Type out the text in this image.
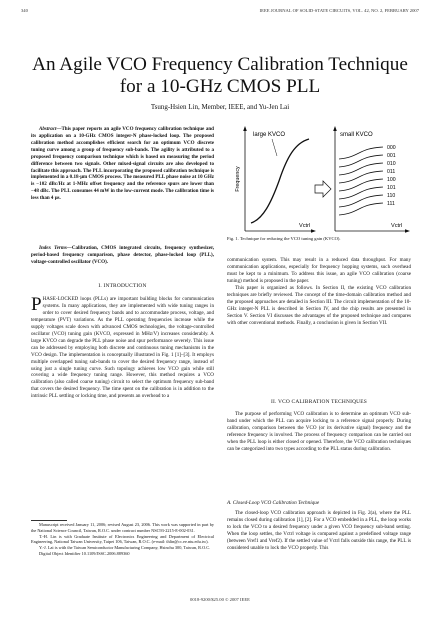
340	IEEE JOURNAL OF SOLID-STATE CIRCUITS, VOL. 42, NO. 2, FEBRUARY 2007
An Agile VCO Frequency Calibration Technique for a 10-GHz CMOS PLL
Tsung-Hsien Lin, Member, IEEE, and Yu-Jen Lai

Abstract—This paper reports an agile VCO frequency calibration technique and its application on a 10-GHz CMOS integer-N phase-locked loop. The proposed calibration method accomplishes efficient search for an optimum VCO discrete tuning curve among a group of frequency sub-bands. The agility is attributed to a proposed frequency comparison technique which is based on measuring the period difference between two signals. Other mixed-signal circuits are also developed to facilitate this approach. The PLL incorporating the proposed calibration technique is implemented in a 0.18-μm CMOS process. The measured PLL phase noise at 10 GHz is −102 dBc/Hz at 1-MHz offset frequency and the reference spurs are lower than −48 dBc. The PLL consumes 44 mW in the low-current mode. The calibration time is less than 4 μs.

Index Terms—Calibration, CMOS integrated circuits, frequency synthesizer, period-based frequency comparison, phase detector, phase-locked loop (PLL), voltage-controlled oscillator (VCO).

I. INTRODUCTION

PHASE-LOCKED loops (PLLs) are important building blocks for communication systems. In many applications, they are implemented with wide tuning ranges in order to cover desired frequency bands and to accommodate process, voltage, and temperature (PVT) variations. As the PLL operating frequencies increase while the supply voltages scale down with advanced CMOS technologies, the voltage-controlled oscillator (VCO) tuning gain (KVCO, expressed in MHz/V) increases considerably. A large KVCO can degrade the PLL phase noise and spur performance severely. This issue can be addressed by employing both discrete and continuous tuning mechanisms in the VCO design. The implementation is conceptually illustrated in Fig. 1 [1]–[3]. It employs multiple overlapped tuning sub-bands to cover the desired frequency range, instead of using just a single tuning curve. Such topology achieves low VCO gain while still covering a wide frequency tuning range. However, this method requires a VCO calibration (also called coarse tuning) circuit to select the optimum frequency sub-band that covers the desired frequency. The time spent on the calibration is in addition to the intrinsic PLL settling or locking time, and presents an overhead to a

Manuscript received January 11, 2006; revised August 23, 2006. This work was supported in part by the National Science Council, Taiwan, R.O.C. under contract number NSC93-2215-E-002-031.

T.-H. Lin is with Graduate Institute of Electronics Engineering and Department of Electrical Engineering, National Taiwan University, Taipei 106, Taiwan, R.O.C. (e-mail: thlin@cc.ee.ntu.edu.tw).

Y.-J. Lai is with the Taiwan Semiconductor Manufacturing Company, Hsinchu 300, Taiwan, R.O.C.

Digital Object Identifier 10.1109/JSSC.2006.889360

Frequency
large KVCO
Vctrl
small KVCO
Vctrl
000
001
010
011
100
101
110
111
Fig. 1. Technique for reducing the VCO tuning gain (KVCO).

communication system. This may result in a reduced data throughput. For many communication applications, especially for frequency hopping systems, such overhead must be kept to a minimum. To address this issue, an agile VCO calibration (coarse tuning) method is proposed in the paper.

This paper is organized as follows. In Section II, the existing VCO calibration techniques are briefly reviewed. The concept of the time-domain calibration method and the proposed approaches are detailed in Section III. The circuit implementation of the 10-GHz integer-N PLL is described in Section IV, and the chip results are presented in Section V. Section VI discusses the advantages of the proposed technique and compares with other conventional methods. Finally, a conclusion is given in Section VII.

II. VCO CALIBRATION TECHNIQUES

The purpose of performing VCO calibration is to determine an optimum VCO sub-band under which the PLL can acquire locking to a reference signal properly. During calibration, comparison between the VCO (or its derivative signal) frequency and the reference frequency is involved. The process of frequency comparison can be carried out when the PLL loop is either closed or opened. Therefore, the VCO calibration techniques can be categorized into two types according to the PLL status during calibration.

A. Closed-Loop VCO Calibration Technique

The closed-loop VCO calibration approach is depicted in Fig. 2(a), where the PLL remains closed during calibration [1], [2]. For a VCO embedded in a PLL, the loop works to lock the VCO to a desired frequency under a given VCO frequency sub-band setting. When the loop settles, the Vctrl voltage is compared against a predefined voltage range (between Vref1 and Vref2). If the settled value of Vctrl falls outside this range, the PLL is considered unable to lock the VCO properly. This

0018-9200/$25.00 © 2007 IEEE
